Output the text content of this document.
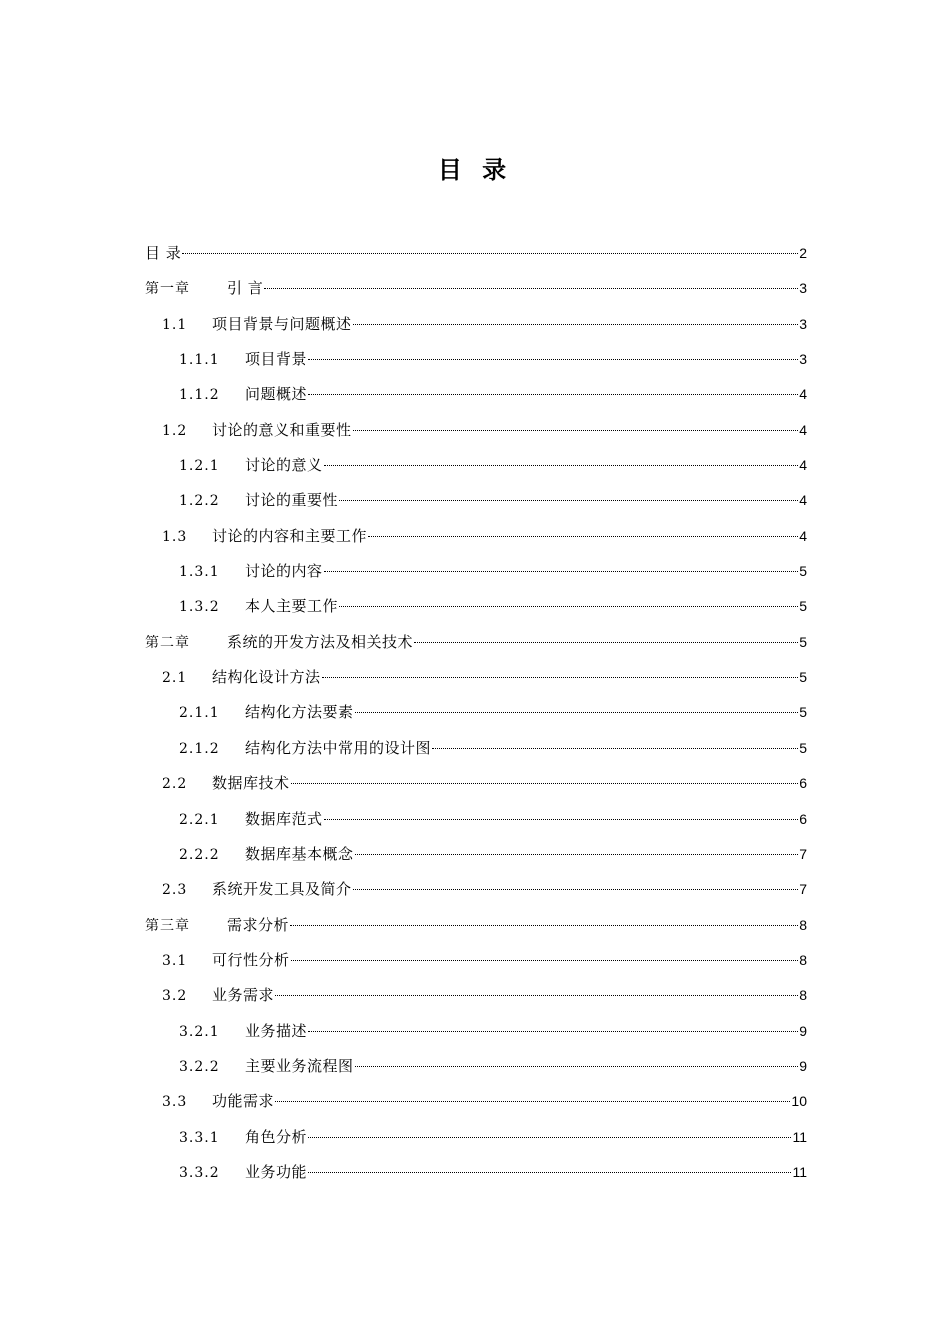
目 录
目 录	2
第一章	引 言	3
1.1	项目背景与问题概述	3
1.1.1	项目背景	3
1.1.2	问题概述	4
1.2	讨论的意义和重要性	4
1.2.1	讨论的意义	4
1.2.2	讨论的重要性	4
1.3	讨论的内容和主要工作	4
1.3.1	讨论的内容	5
1.3.2	本人主要工作	5
第二章	系统的开发方法及相关技术	5
2.1	结构化设计方法	5
2.1.1	结构化方法要素	5
2.1.2	结构化方法中常用的设计图	5
2.2	数据库技术	6
2.2.1	数据库范式	6
2.2.2	数据库基本概念	7
2.3	系统开发工具及简介	7
第三章	需求分析	8
3.1	可行性分析	8
3.2	业务需求	8
3.2.1	业务描述	9
3.2.2	主要业务流程图	9
3.3	功能需求	10
3.3.1	角色分析	11
3.3.2	业务功能	11
